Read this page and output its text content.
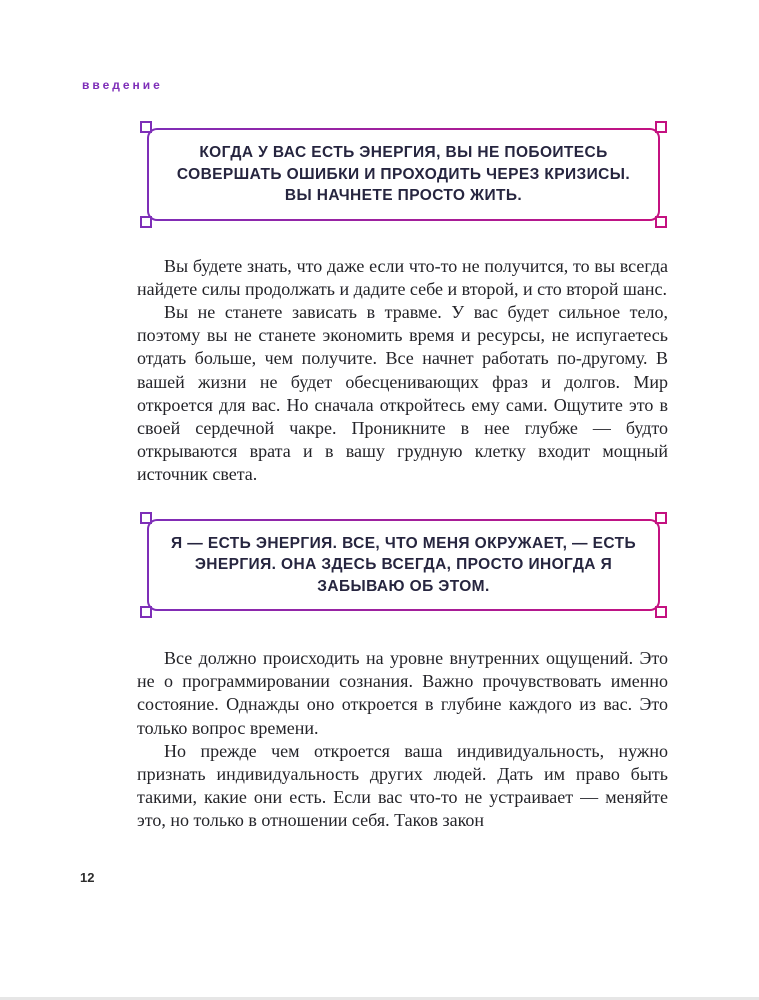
введение
КОГДА У ВАС ЕСТЬ ЭНЕРГИЯ, ВЫ НЕ ПОБОИТЕСЬ СОВЕРШАТЬ ОШИБКИ И ПРОХОДИТЬ ЧЕРЕЗ КРИЗИСЫ. ВЫ НАЧНЕТЕ ПРОСТО ЖИТЬ.

Вы будете знать, что даже если что-то не получится, то вы всегда найдете силы продолжать и дадите себе и второй, и сто второй шанс.

Вы не станете зависать в травме. У вас будет сильное тело, поэтому вы не станете экономить время и ресурсы, не испугаетесь отдать больше, чем получите. Все начнет работать по-другому. В вашей жизни не будет обесценивающих фраз и долгов. Мир откроется для вас. Но сначала откройтесь ему сами. Ощутите это в своей сердечной чакре. Проникните в нее глубже — будто открываются врата и в вашу грудную клетку входит мощный источник света.

Я — ЕСТЬ ЭНЕРГИЯ. ВСЕ, ЧТО МЕНЯ ОКРУЖАЕТ, — ЕСТЬ ЭНЕРГИЯ. ОНА ЗДЕСЬ ВСЕГДА, ПРОСТО ИНОГДА Я ЗАБЫВАЮ ОБ ЭТОМ.

Все должно происходить на уровне внутренних ощущений. Это не о программировании сознания. Важно прочувствовать именно состояние. Однажды оно откроется в глубине каждого из вас. Это только вопрос времени.

Но прежде чем откроется ваша индивидуальность, нужно признать индивидуальность других людей. Дать им право быть такими, какие они есть. Если вас что-то не устраивает — меняйте это, но только в отношении себя. Таков закон

12
